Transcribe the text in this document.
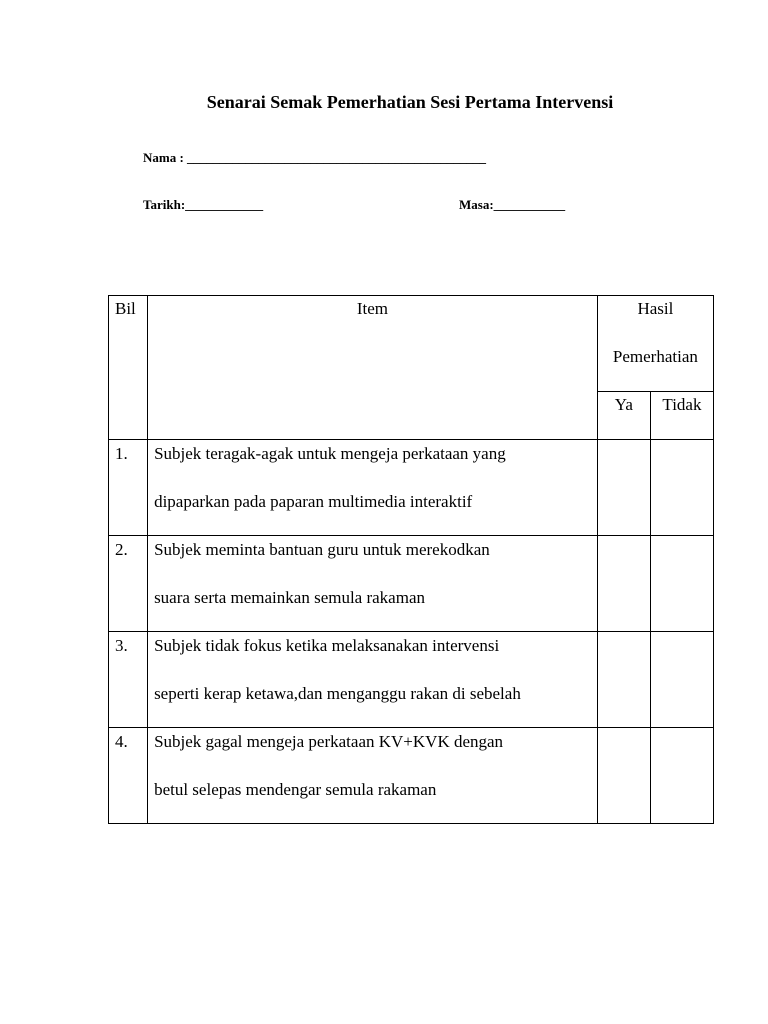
Senarai Semak Pemerhatian Sesi Pertama Intervensi
Nama : ______________________________________________
Tarikh:____________	Masa:___________
Bil	Item	Hasil
Pemerhatian	

		Ya	Tidak

1.	Subjek teragak-agak untuk mengeja perkataan yang
dipaparkan pada paparan multimedia interaktif		

2.	Subjek meminta bantuan guru untuk merekodkan
suara serta memainkan semula rakaman		

3.	Subjek tidak fokus ketika melaksanakan intervensi
seperti kerap ketawa,dan menganggu rakan di sebelah		

4.	Subjek gagal mengeja perkataan KV+KVK dengan
betul selepas mendengar semula rakaman		
